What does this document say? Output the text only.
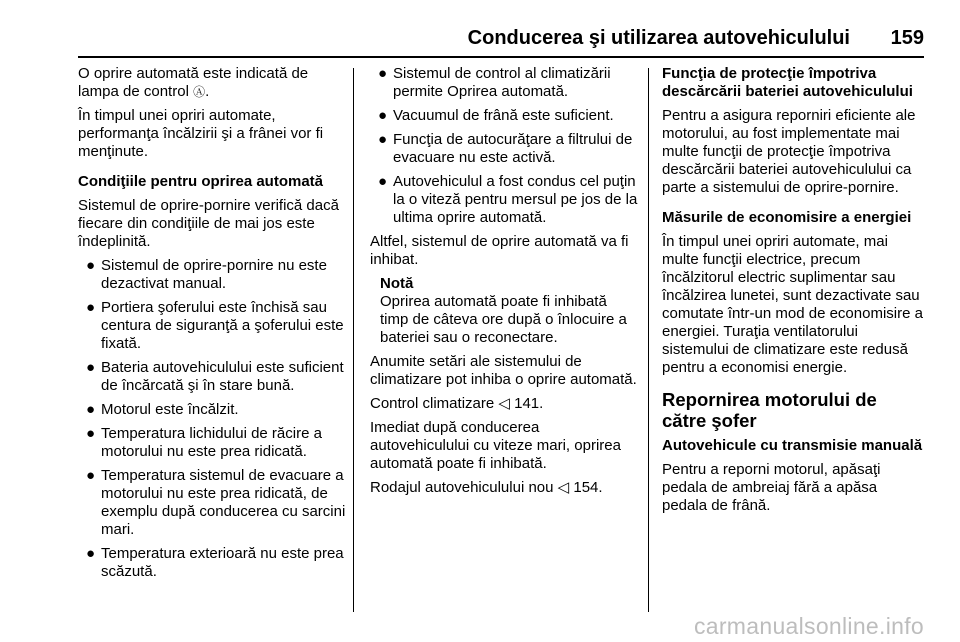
Conducerea şi utilizarea autovehiculului 159

O oprire automată este indicată de lampa de control Ⓐ.

În timpul unei opriri automate, performanţa încălzirii şi a frânei vor fi menţinute.

Condiţiile pentru oprirea automată

Sistemul de oprire-pornire verifică dacă fiecare din condiţiile de mai jos este îndeplinită.

● Sistemul de oprire-pornire nu este dezactivat manual.
● Portiera şoferului este închisă sau centura de siguranţă a şoferului este fixată.
● Bateria autovehiculului este suficient de încărcată şi în stare bună.
● Motorul este încălzit.
● Temperatura lichidului de răcire a motorului nu este prea ridicată.
● Temperatura sistemul de evacuare a motorului nu este prea ridicată, de exemplu după conducerea cu sarcini mari.
● Temperatura exterioară nu este prea scăzută.
● Sistemul de control al climatizării permite Oprirea automată.
● Vacuumul de frână este suficient.
● Funcţia de autocurăţare a filtrului de evacuare nu este activă.
● Autovehiculul a fost condus cel puţin la o viteză pentru mersul pe jos de la ultima oprire automată.

Altfel, sistemul de oprire automată va fi inhibat.

Notă
Oprirea automată poate fi inhibată timp de câteva ore după o înlocuire a bateriei sau o reconectare.

Anumite setări ale sistemului de climatizare pot inhiba o oprire automată.

Control climatizare ◁ 141.

Imediat după conducerea autovehiculului cu viteze mari, oprirea automată poate fi inhibată.

Rodajul autovehiculului nou ◁ 154.

Funcţia de protecţie împotriva descărcării bateriei autovehiculului

Pentru a asigura reporniri eficiente ale motorului, au fost implementate mai multe funcţii de protecţie împotriva descărcării bateriei autovehiculului ca parte a sistemului de oprire-pornire.

Măsurile de economisire a energiei

În timpul unei opriri automate, mai multe funcţii electrice, precum încălzitorul electric suplimentar sau încălzirea lunetei, sunt dezactivate sau comutate într-un mod de economisire a energiei. Turaţia ventilatorului sistemului de climatizare este redusă pentru a economisi energie.

Repornirea motorului de către şofer

Autovehicule cu transmisie manuală

Pentru a reporni motorul, apăsaţi pedala de ambreiaj fără a apăsa pedala de frână.

carmanualsonline.info
